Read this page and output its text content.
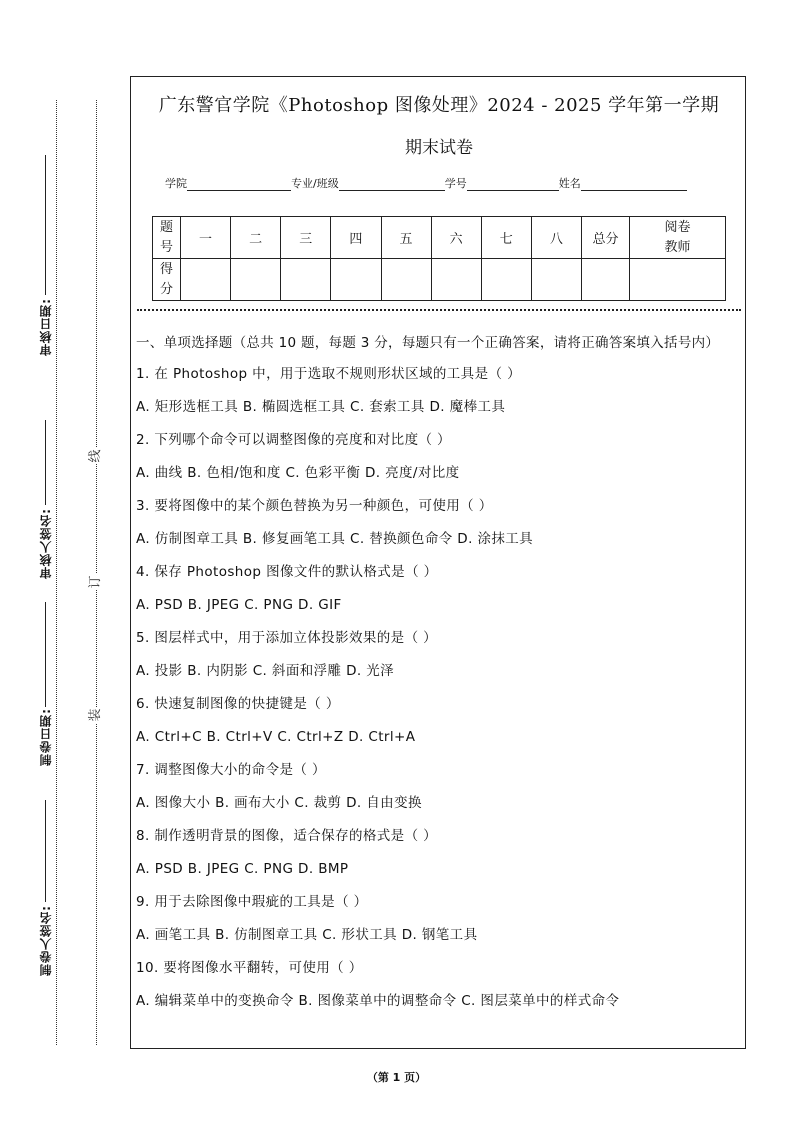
线
订
装
审核日期:
审核人签名:
制卷日期:
制卷人签名:
广东警官学院《Photoshop 图像处理》2024 - 2025 学年第一学期
期末试卷
学院	专业/班级	学号	姓名
题号	一	二	三	四	五	六	七	八	总分	阅卷教师
得分										
一、单项选择题（总共 10 题，每题 3 分，每题只有一个正确答案，请将正确答案填入括号内）
1. 在 Photoshop 中，用于选取不规则形状区域的工具是（ ）
A. 矩形选框工具 B. 椭圆选框工具 C. 套索工具 D. 魔棒工具
2. 下列哪个命令可以调整图像的亮度和对比度（ ）
A. 曲线 B. 色相/饱和度 C. 色彩平衡 D. 亮度/对比度
3. 要将图像中的某个颜色替换为另一种颜色，可使用（ ）
A. 仿制图章工具 B. 修复画笔工具 C. 替换颜色命令 D. 涂抹工具
4. 保存 Photoshop 图像文件的默认格式是（ ）
A. PSD B. JPEG C. PNG D. GIF
5. 图层样式中，用于添加立体投影效果的是（ ）
A. 投影 B. 内阴影 C. 斜面和浮雕 D. 光泽
6. 快速复制图像的快捷键是（ ）
A. Ctrl+C B. Ctrl+V C. Ctrl+Z D. Ctrl+A
7. 调整图像大小的命令是（ ）
A. 图像大小 B. 画布大小 C. 裁剪 D. 自由变换
8. 制作透明背景的图像，适合保存的格式是（ ）
A. PSD B. JPEG C. PNG D. BMP
9. 用于去除图像中瑕疵的工具是（ ）
A. 画笔工具 B. 仿制图章工具 C. 形状工具 D. 钢笔工具
10. 要将图像水平翻转，可使用（ ）
A. 编辑菜单中的变换命令 B. 图像菜单中的调整命令 C. 图层菜单中的样式命令
（第 1 页）
